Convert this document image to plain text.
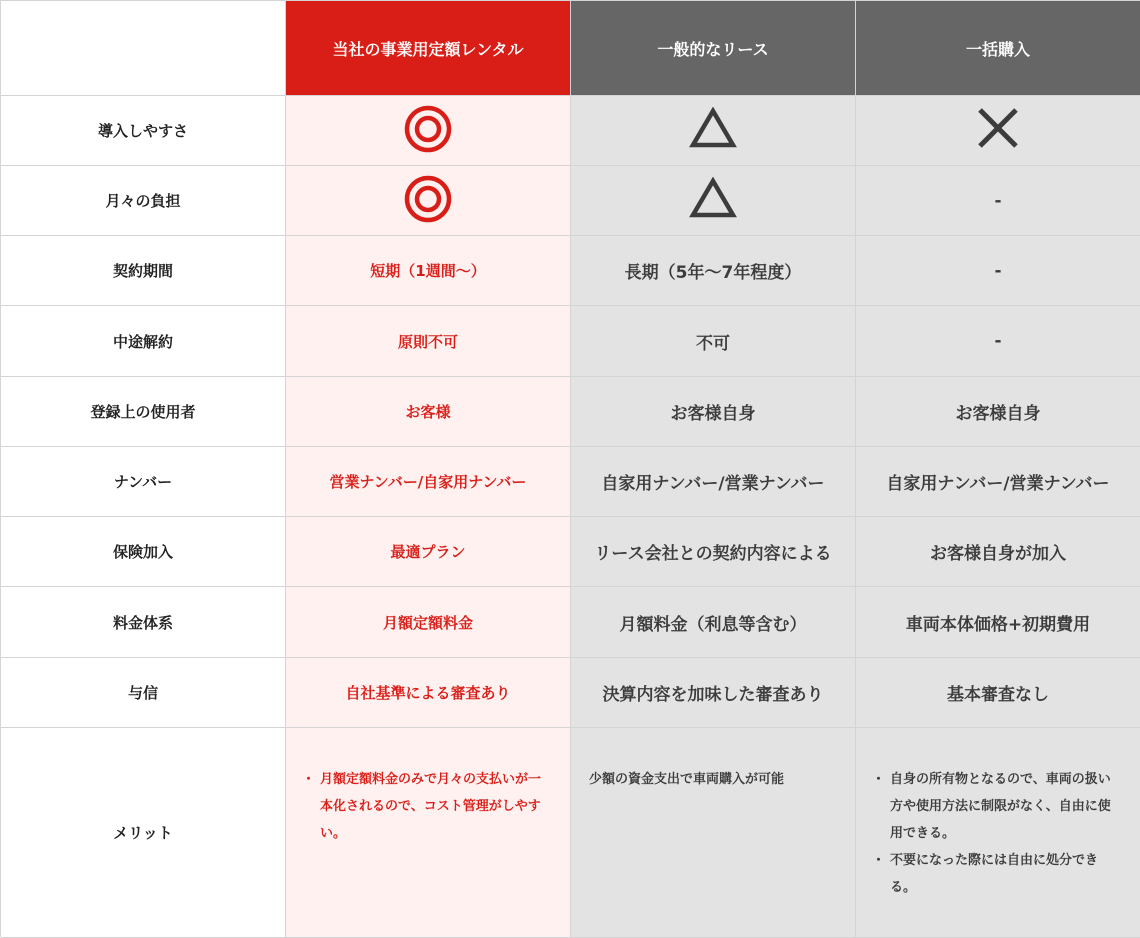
当社の事業用定額レンタル	一般的なリース	一括購入
導入しやすさ
月々の負担	-
契約期間	短期（1週間〜）	長期（5年〜7年程度）	-
中途解約	原則不可	不可	-
登録上の使用者	お客様	お客様自身	お客様自身
ナンバー	営業ナンバー/自家用ナンバー	自家用ナンバー/営業ナンバー	自家用ナンバー/営業ナンバー
保険加入	最適プラン	リース会社との契約内容による	お客様自身が加入
料金体系	月額定額料金	月額料金（利息等含む）	車両本体価格+初期費用
与信	自社基準による審査あり	決算内容を加味した審査あり	基本審査なし
メリット
・ 月額定額料金のみで月々の支払いが一本化されるので、コスト管理がしやすい。
少額の資金支出で車両購入が可能
・	自身の所有物となるので、車両の扱い方や使用方法に制限がなく、自由に使用できる。
・ 不要になった際には自由に処分できる。
